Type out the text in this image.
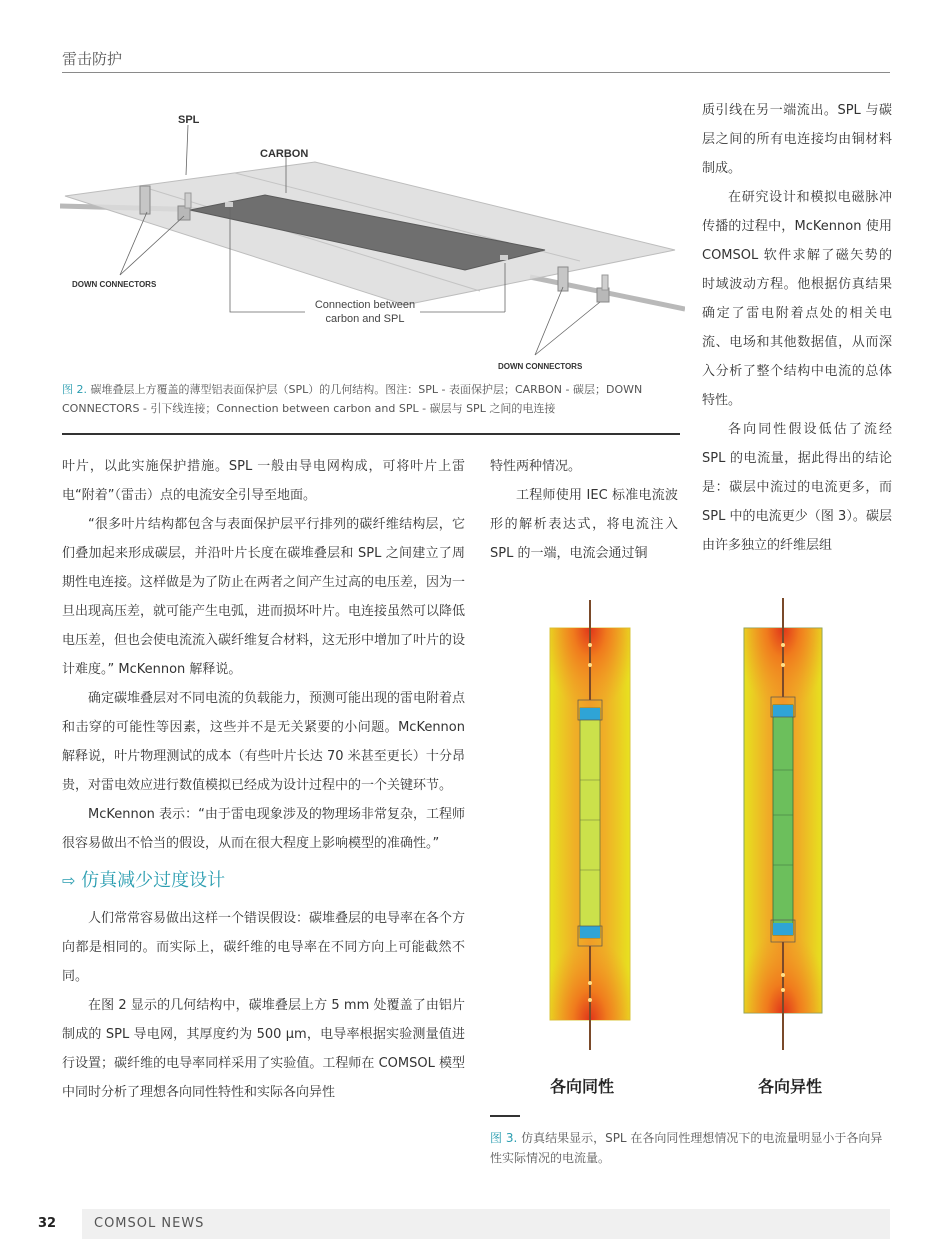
雷击防护
SPL
CARBON
DOWN CONNECTORS
Connection between
carbon and SPL
DOWN CONNECTORS
图 2. 碳堆叠层上方覆盖的薄型铝表面保护层（SPL）的几何结构。图注：SPL - 表面保护层；CARBON - 碳层；DOWN CONNECTORS - 引下线连接；Connection between carbon and SPL - 碳层与 SPL 之间的电连接

叶片，以此实施保护措施。SPL 一般由导电网构成，可将叶片上雷电“附着”（雷击）点的电流安全引导至地面。

“很多叶片结构都包含与表面保护层平行排列的碳纤维结构层，它们叠加起来形成碳层，并沿叶片长度在碳堆叠层和 SPL 之间建立了周期性电连接。这样做是为了防止在两者之间产生过高的电压差，因为一旦出现高压差，就可能产生电弧，进而损坏叶片。电连接虽然可以降低电压差，但也会使电流流入碳纤维复合材料，这无形中增加了叶片的设计难度。” McKennon 解释说。

确定碳堆叠层对不同电流的负载能力，预测可能出现的雷电附着点和击穿的可能性等因素，这些并不是无关紧要的小问题。McKennon 解释说，叶片物理测试的成本（有些叶片长达 70 米甚至更长）十分昂贵，对雷电效应进行数值模拟已经成为设计过程中的一个关键环节。

McKennon 表示：“由于雷电现象涉及的物理场非常复杂，工程师很容易做出不恰当的假设，从而在很大程度上影响模型的准确性。”

⇨ 仿真减少过度设计

人们常常容易做出这样一个错误假设：碳堆叠层的电导率在各个方向都是相同的。而实际上，碳纤维的电导率在不同方向上可能截然不同。

在图 2 显示的几何结构中，碳堆叠层上方 5 mm 处覆盖了由铝片制成的 SPL 导电网，其厚度约为 500 µm，电导率根据实验测量值进行设置；碳纤维的电导率同样采用了实验值。工程师在 COMSOL 模型中同时分析了理想各向同性特性和实际各向异性

特性两种情况。

工程师使用 IEC 标准电流波形的解析表达式，将电流注入 SPL 的一端，电流会通过铜

质引线在另一端流出。SPL 与碳层之间的所有电连接均由铜材料制成。

在研究设计和模拟电磁脉冲传播的过程中，McKennon 使用 COMSOL 软件求解了磁矢势的时域波动方程。他根据仿真结果确定了雷电附着点处的相关电流、电场和其他数据值，从而深入分析了整个结构中电流的总体特性。

各向同性假设低估了流经 SPL 的电流量，据此得出的结论是：碳层中流过的电流更多，而 SPL 中的电流更少（图 3）。碳层由许多独立的纤维层组

各向同性	各向异性
图 3. 仿真结果显示，SPL 在各向同性理想情况下的电流量明显小于各向异性实际情况的电流量。
32	COMSOL NEWS
